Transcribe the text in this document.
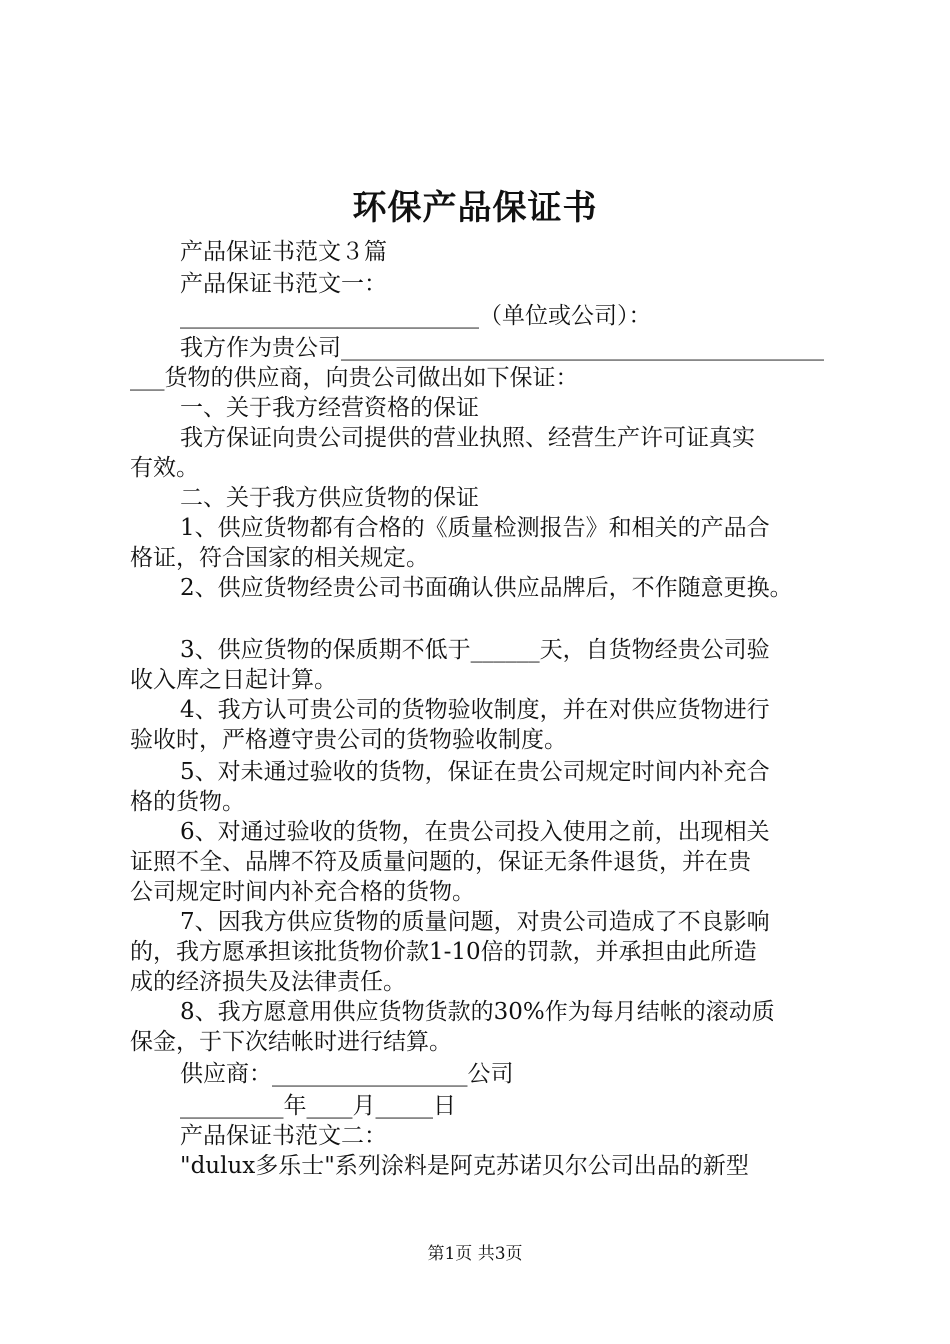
环保产品保证书
产品保证书范文３篇
产品保证书范文一：
__________________________（单位或公司）：
我方作为贵公司__________________________________________
___货物的供应商，向贵公司做出如下保证：
一、关于我方经营资格的保证
我方保证向贵公司提供的营业执照、经营生产许可证真实
有效。
二、关于我方供应货物的保证
1、供应货物都有合格的《质量检测报告》和相关的产品合
格证，符合国家的相关规定。
2、供应货物经贵公司书面确认供应品牌后，不作随意更换。
3、供应货物的保质期不低于______天，自货物经贵公司验
收入库之日起计算。
4、我方认可贵公司的货物验收制度，并在对供应货物进行
验收时，严格遵守贵公司的货物验收制度。
5、对未通过验收的货物，保证在贵公司规定时间内补充合
格的货物。
6、对通过验收的货物，在贵公司投入使用之前，出现相关
证照不全、品牌不符及质量问题的，保证无条件退货，并在贵
公司规定时间内补充合格的货物。
7、因我方供应货物的质量问题，对贵公司造成了不良影响
的，我方愿承担该批货物价款1-10倍的罚款，并承担由此所造
成的经济损失及法律责任。
8、我方愿意用供应货物货款的30%作为每月结帐的滚动质
保金，于下次结帐时进行结算。
供应商：_________________公司
_________年____月_____日
产品保证书范文二：
"dulux多乐士"系列涂料是阿克苏诺贝尔公司出品的新型
第1页 共3页
